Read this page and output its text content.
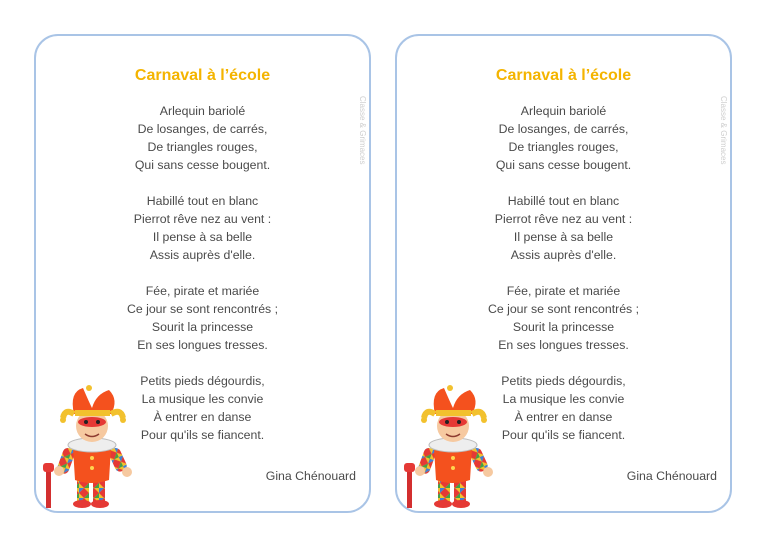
Carnaval à l’école
Classe & Grimaces

Arlequin bariolé
De losanges, de carrés,
De triangles rouges,
Qui sans cesse bougent.

Habillé tout en blanc
Pierrot rêve nez au vent :
Il pense à sa belle
Assis auprès d'elle.

Fée, pirate et mariée
Ce jour se sont rencontrés ;
Sourit la princesse
En ses longues tresses.

Petits pieds dégourdis,
La musique les convie
À entrer en danse
Pour qu'ils se fiancent.

Gina Chénouard
Carnaval à l’école
Classe & Grimaces

Arlequin bariolé
De losanges, de carrés,
De triangles rouges,
Qui sans cesse bougent.

Habillé tout en blanc
Pierrot rêve nez au vent :
Il pense à sa belle
Assis auprès d'elle.

Fée, pirate et mariée
Ce jour se sont rencontrés ;
Sourit la princesse
En ses longues tresses.

Petits pieds dégourdis,
La musique les convie
À entrer en danse
Pour qu'ils se fiancent.

Gina Chénouard
